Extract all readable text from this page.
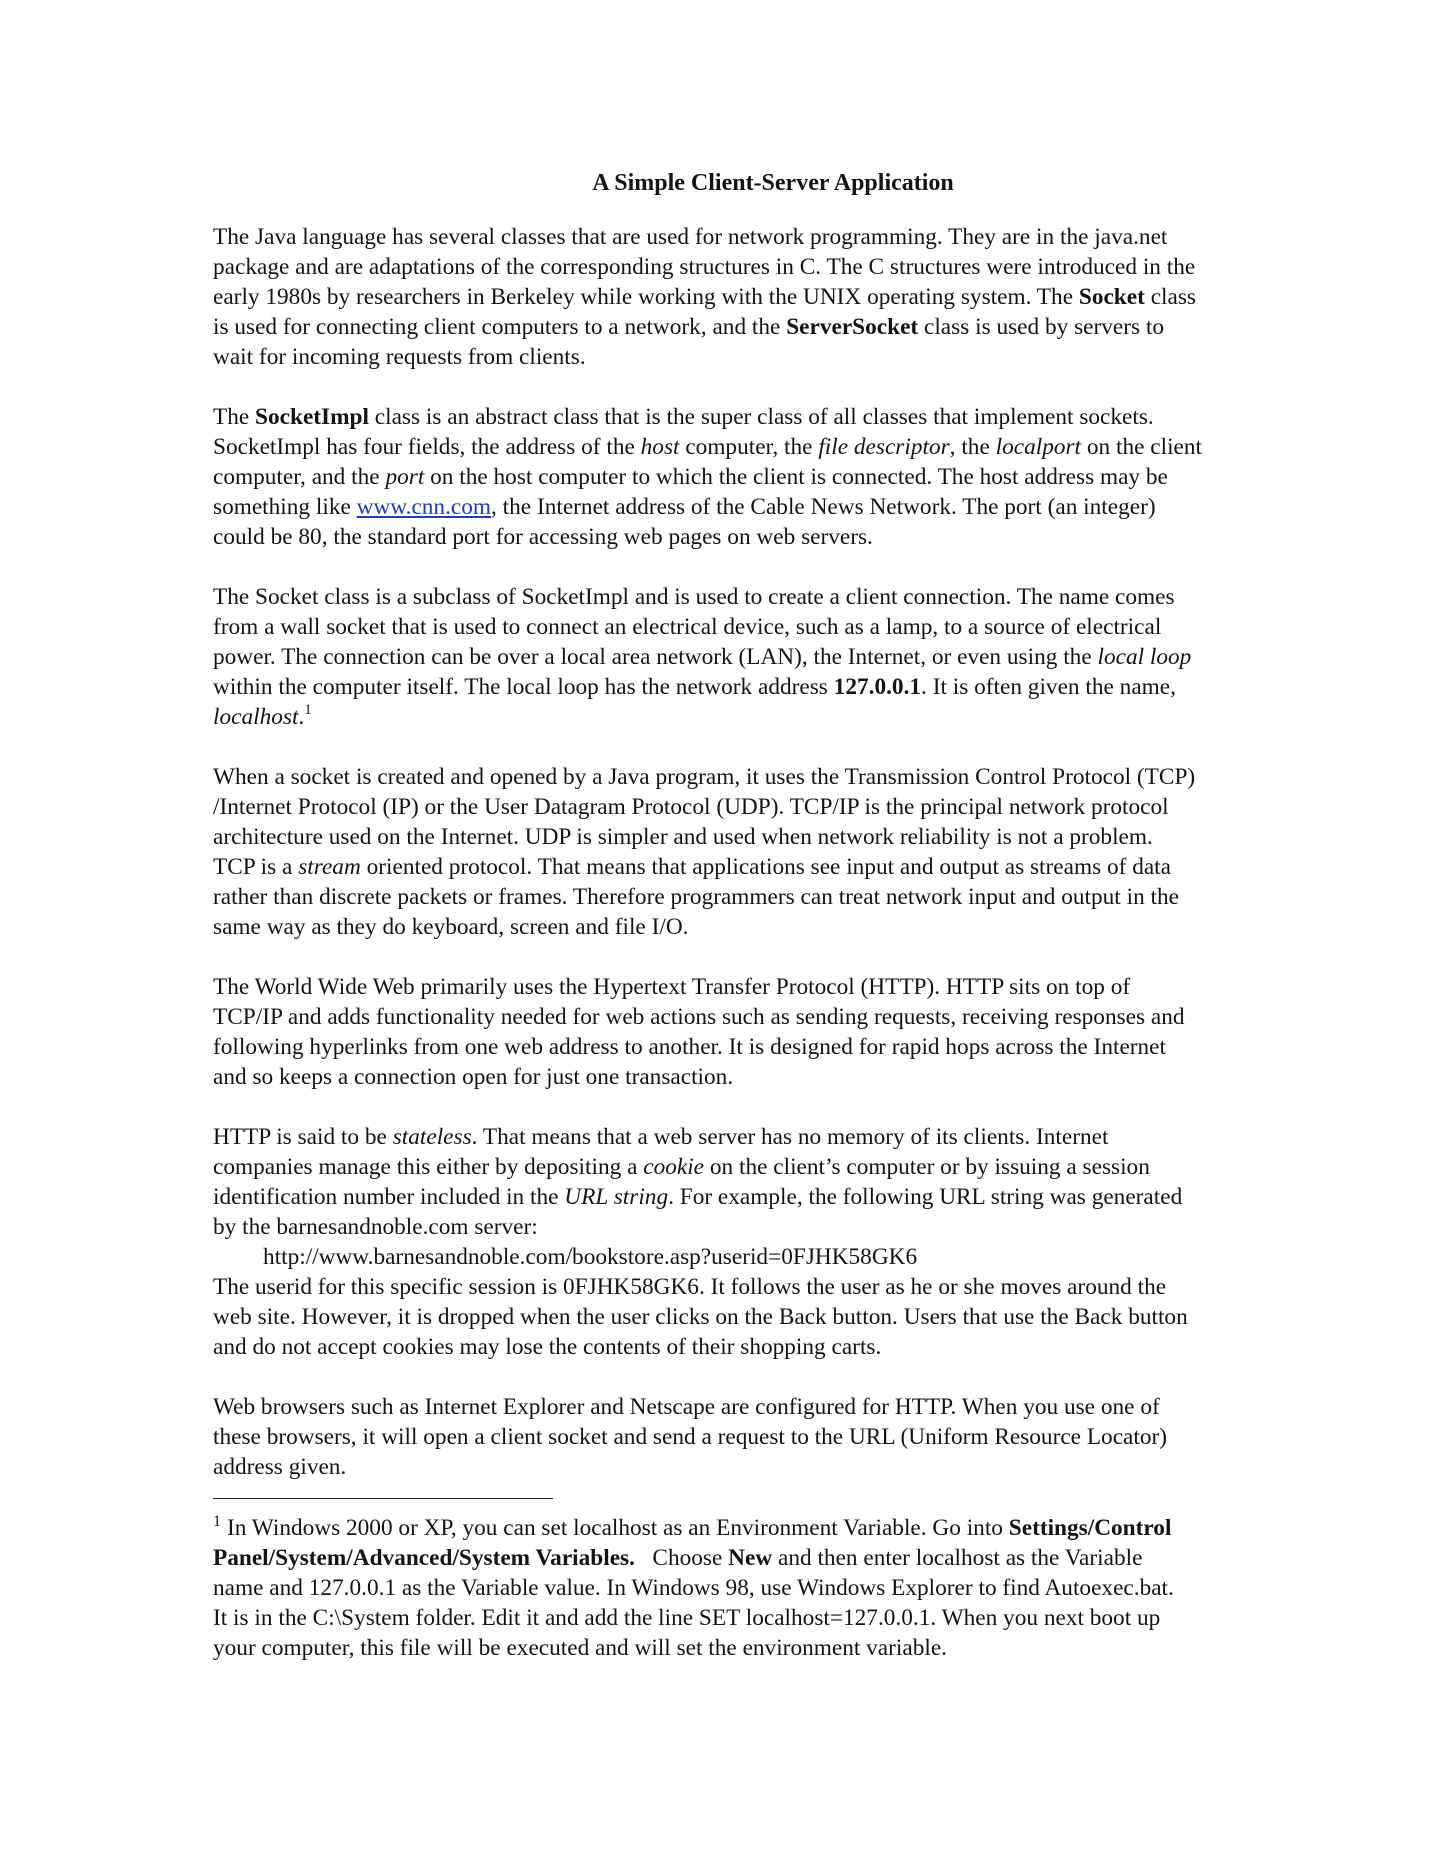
A Simple Client-Server Application
The Java language has several classes that are used for network programming. They are in the java.net
package and are adaptations of the corresponding structures in C. The C structures were introduced in the
early 1980s by researchers in Berkeley while working with the UNIX operating system. The Socket class
is used for connecting client computers to a network, and the ServerSocket class is used by servers to
wait for incoming requests from clients.
The SocketImpl class is an abstract class that is the super class of all classes that implement sockets.
SocketImpl has four fields, the address of the host computer, the file descriptor, the localport on the client
computer, and the port on the host computer to which the client is connected. The host address may be
something like www.cnn.com, the Internet address of the Cable News Network. The port (an integer)
could be 80, the standard port for accessing web pages on web servers.
The Socket class is a subclass of SocketImpl and is used to create a client connection. The name comes
from a wall socket that is used to connect an electrical device, such as a lamp, to a source of electrical
power. The connection can be over a local area network (LAN), the Internet, or even using the local loop
within the computer itself. The local loop has the network address 127.0.0.1. It is often given the name,
localhost.$^1$
When a socket is created and opened by a Java program, it uses the Transmission Control Protocol (TCP)
/Internet Protocol (IP) or the User Datagram Protocol (UDP). TCP/IP is the principal network protocol
architecture used on the Internet. UDP is simpler and used when network reliability is not a problem.
TCP is a stream oriented protocol. That means that applications see input and output as streams of data
rather than discrete packets or frames. Therefore programmers can treat network input and output in the
same way as they do keyboard, screen and file I/O.
The World Wide Web primarily uses the Hypertext Transfer Protocol (HTTP). HTTP sits on top of
TCP/IP and adds functionality needed for web actions such as sending requests, receiving responses and
following hyperlinks from one web address to another. It is designed for rapid hops across the Internet
and so keeps a connection open for just one transaction.
HTTP is said to be stateless. That means that a web server has no memory of its clients. Internet
companies manage this either by depositing a cookie on the client’s computer or by issuing a session
identification number included in the URL string. For example, the following URL string was generated
by the barnesandnoble.com server:
http://www.barnesandnoble.com/bookstore.asp?userid=0FJHK58GK6
The userid for this specific session is 0FJHK58GK6. It follows the user as he or she moves around the
web site. However, it is dropped when the user clicks on the Back button. Users that use the Back button
and do not accept cookies may lose the contents of their shopping carts.
Web browsers such as Internet Explorer and Netscape are configured for HTTP. When you use one of
these browsers, it will open a client socket and send a request to the URL (Uniform Resource Locator)
address given.
$^1$ In Windows 2000 or XP, you can set localhost as an Environment Variable. Go into Settings/Control
Panel/System/Advanced/System Variables.   Choose New and then enter localhost as the Variable
name and 127.0.0.1 as the Variable value. In Windows 98, use Windows Explorer to find Autoexec.bat.
It is in the C:\System folder. Edit it and add the line SET localhost=127.0.0.1. When you next boot up
your computer, this file will be executed and will set the environment variable.
